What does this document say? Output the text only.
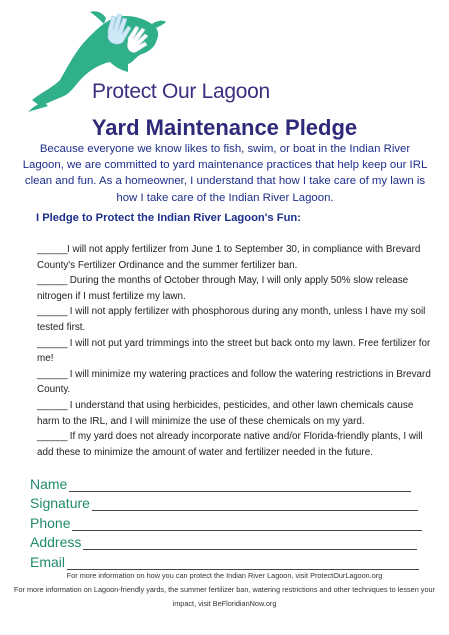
Protect Our Lagoon
Yard Maintenance Pledge
Because everyone we know likes to fish, swim, or boat in the Indian River Lagoon, we are committed to yard maintenance practices that help keep our IRL clean and fun. As a homeowner, I understand that how I take care of my lawn is how I take care of the Indian River Lagoon.
I Pledge to Protect the Indian River Lagoon's Fun:

______I will not apply fertilizer from June 1 to September 30, in compliance with Brevard County's Fertilizer Ordinance and the summer fertilizer ban.

______ During the months of October through May, I will only apply 50% slow release nitrogen if I must fertilize my lawn.

______ I will not apply fertilizer with phosphorous during any month, unless I have my soil tested first.

______ I will not put yard trimmings into the street but back onto my lawn. Free fertilizer for me!

______ I will minimize my watering practices and follow the watering restrictions in Brevard County.

______ I understand that using herbicides, pesticides, and other lawn chemicals cause harm to the IRL, and I will minimize the use of these chemicals on my yard.

______ If my yard does not already incorporate native and/or Florida-friendly plants, I will add these to minimize the amount of water and fertilizer needed in the future.

Name
Signature
Phone
Address
Email
For more information on how you can protect the Indian River Lagoon, visit ProtectOurLagoon.org
For more information on Lagoon-friendly yards, the summer fertilizer ban, watering restrictions and other techniques to lessen your impact, visit BeFloridianNow.org
